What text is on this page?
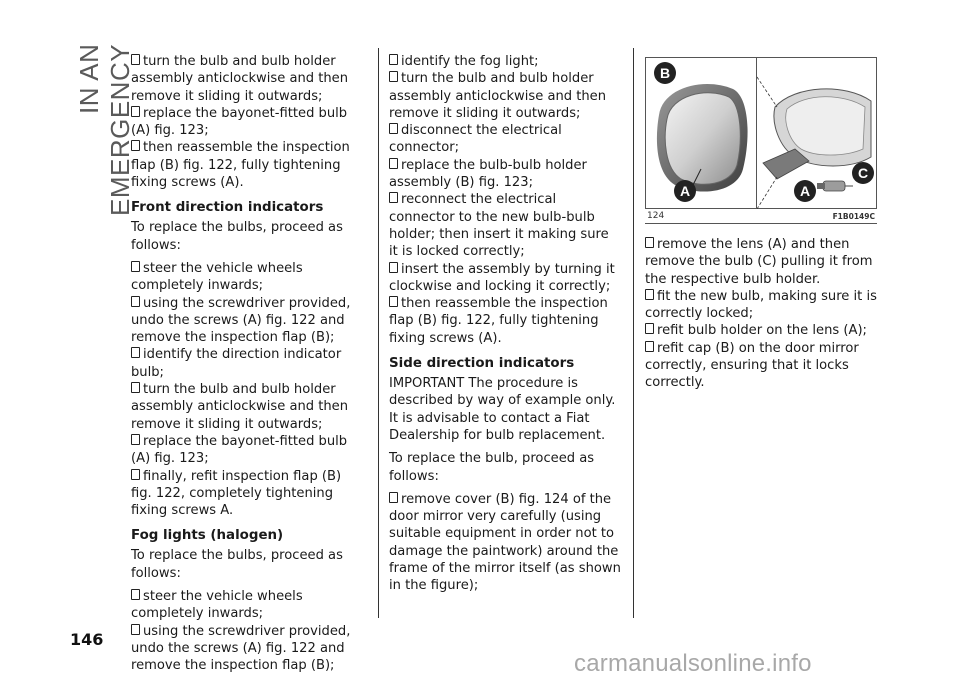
IN AN EMERGENCY
146

turn the bulb and bulb holder assembly anticlockwise and then remove it sliding it outwards;

replace the bayonet-fitted bulb (A) fig. 123;

then reassemble the inspection flap (B) fig. 122, fully tightening fixing screws (A).

Front direction indicators

To replace the bulbs, proceed as follows:

steer the vehicle wheels completely inwards;

using the screwdriver provided, undo the screws (A) fig. 122 and remove the inspection flap (B);

identify the direction indicator bulb;

turn the bulb and bulb holder assembly anticlockwise and then remove it sliding it outwards;

replace the bayonet-fitted bulb (A) fig. 123;

finally, refit inspection flap (B) fig. 122, completely tightening fixing screws A.

Fog lights (halogen)

To replace the bulbs, proceed as follows:

steer the vehicle wheels completely inwards;

using the screwdriver provided, undo the screws (A) fig. 122 and remove the inspection flap (B);

identify the fog light;

turn the bulb and bulb holder assembly anticlockwise and then remove it sliding it outwards;

disconnect the electrical connector;

replace the bulb-bulb holder assembly (B) fig. 123;

reconnect the electrical connector to the new bulb-bulb holder; then insert it making sure it is locked correctly;

insert the assembly by turning it clockwise and locking it correctly;

then reassemble the inspection flap (B) fig. 122, fully tightening fixing screws (A).

Side direction indicators

IMPORTANT The procedure is described by way of example only. It is advisable to contact a Fiat Dealership for bulb replacement.

To replace the bulb, proceed as follows:

remove cover (B) fig. 124 of the door mirror very carefully (using suitable equipment in order not to damage the paintwork) around the frame of the mirror itself (as shown in the figure);

B
A	A
C
124	F1B0149C

remove the lens (A) and then remove the bulb (C) pulling it from the respective bulb holder.

fit the new bulb, making sure it is correctly locked;

refit bulb holder on the lens (A);

refit cap (B) on the door mirror correctly, ensuring that it locks correctly.

carmanualsonline.info
